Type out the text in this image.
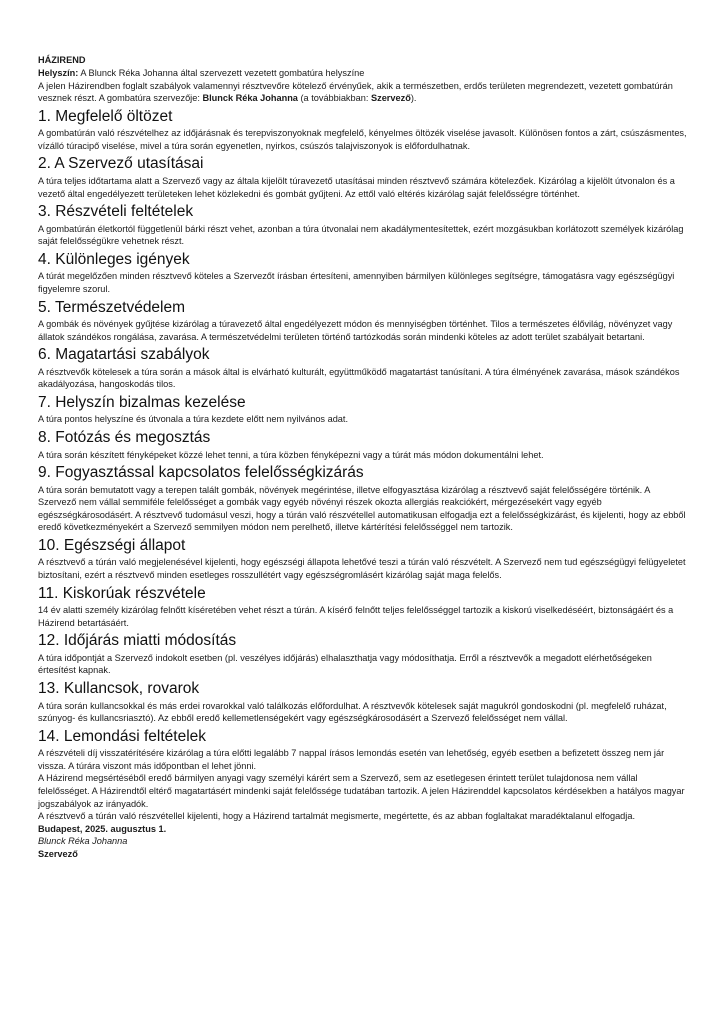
HÁZIREND

Helyszín: A Blunck Réka Johanna által szervezett vezetett gombatúra helyszíne

A jelen Házirendben foglalt szabályok valamennyi résztvevőre kötelező érvényűek, akik a természetben, erdős területen megrendezett, vezetett gombatúrán vesznek részt. A gombatúra szervezője: Blunck Réka Johanna (a továbbiakban: Szervező).

1. Megfelelő öltözet

A gombatúrán való részvételhez az időjárásnak és terepviszonyoknak megfelelő, kényelmes öltözék viselése javasolt. Különösen fontos a zárt, csúszásmentes, vízálló túracipő viselése, mivel a túra során egyenetlen, nyirkos, csúszós talajviszonyok is előfordulhatnak.

2. A Szervező utasításai

A túra teljes időtartama alatt a Szervező vagy az általa kijelölt túravezető utasításai minden résztvevő számára kötelezőek. Kizárólag a kijelölt útvonalon és a vezető által engedélyezett területeken lehet közlekedni és gombát gyűjteni. Az ettől való eltérés kizárólag saját felelősségre történhet.

3. Részvételi feltételek

A gombatúrán életkortól függetlenül bárki részt vehet, azonban a túra útvonalai nem akadálymentesítettek, ezért mozgásukban korlátozott személyek kizárólag saját felelősségükre vehetnek részt.

4. Különleges igények

A túrát megelőzően minden résztvevő köteles a Szervezőt írásban értesíteni, amennyiben bármilyen különleges segítségre, támogatásra vagy egészségügyi figyelemre szorul.

5. Természetvédelem

A gombák és növények gyűjtése kizárólag a túravezető által engedélyezett módon és mennyiségben történhet. Tilos a természetes élővilág, növényzet vagy állatok szándékos rongálása, zavarása. A természetvédelmi területen történő tartózkodás során mindenki köteles az adott terület szabályait betartani.

6. Magatartási szabályok

A résztvevők kötelesek a túra során a mások által is elvárható kulturált, együttműködő magatartást tanúsítani. A túra élményének zavarása, mások szándékos akadályozása, hangoskodás tilos.

7. Helyszín bizalmas kezelése

A túra pontos helyszíne és útvonala a túra kezdete előtt nem nyilvános adat.

8. Fotózás és megosztás

A túra során készített fényképeket közzé lehet tenni, a túra közben fényképezni vagy a túrát más módon dokumentálni lehet.

9. Fogyasztással kapcsolatos felelősségkizárás

A túra során bemutatott vagy a terepen talált gombák, növények megérintése, illetve elfogyasztása kizárólag a résztvevő saját felelősségére történik. A Szervező nem vállal semmiféle felelősséget a gombák vagy egyéb növényi részek okozta allergiás reakciókért, mérgezésekért vagy egyéb egészségkárosodásért. A résztvevő tudomásul veszi, hogy a túrán való részvétellel automatikusan elfogadja ezt a felelősségkizárást, és kijelenti, hogy az ebből eredő következményekért a Szervező semmilyen módon nem perelhető, illetve kártérítési felelősséggel nem tartozik.

10. Egészségi állapot

A résztvevő a túrán való megjelenésével kijelenti, hogy egészségi állapota lehetővé teszi a túrán való részvételt. A Szervező nem tud egészségügyi felügyeletet biztosítani, ezért a résztvevő minden esetleges rosszullétért vagy egészségromlásért kizárólag saját maga felelős.

11. Kiskorúak részvétele

14 év alatti személy kizárólag felnőtt kíséretében vehet részt a túrán. A kísérő felnőtt teljes felelősséggel tartozik a kiskorú viselkedéséért, biztonságáért és a Házirend betartásáért.

12. Időjárás miatti módosítás

A túra időpontját a Szervező indokolt esetben (pl. veszélyes időjárás) elhalaszthatja vagy módosíthatja. Erről a résztvevők a megadott elérhetőségeken értesítést kapnak.

13. Kullancsok, rovarok

A túra során kullancsokkal és más erdei rovarokkal való találkozás előfordulhat. A résztvevők kötelesek saját magukról gondoskodni (pl. megfelelő ruházat, szúnyog- és kullancsriasztó). Az ebből eredő kellemetlenségekért vagy egészségkárosodásért a Szervező felelősséget nem vállal.

14. Lemondási feltételek

A részvételi díj visszatérítésére kizárólag a túra előtti legalább 7 nappal írásos lemondás esetén van lehetőség, egyéb esetben a befizetett összeg nem jár vissza. A túrára viszont más időpontban el lehet jönni.

A Házirend megsértéséből eredő bármilyen anyagi vagy személyi kárért sem a Szervező, sem az esetlegesen érintett terület tulajdonosa nem vállal felelősséget. A Házirendtől eltérő magatartásért mindenki saját felelőssége tudatában tartozik. A jelen Házirenddel kapcsolatos kérdésekben a hatályos magyar jogszabályok az irányadók.

A résztvevő a túrán való részvétellel kijelenti, hogy a Házirend tartalmát megismerte, megértette, és az abban foglaltakat maradéktalanul elfogadja.

Budapest, 2025. augusztus 1.
Blunck Réka Johanna
Szervező
